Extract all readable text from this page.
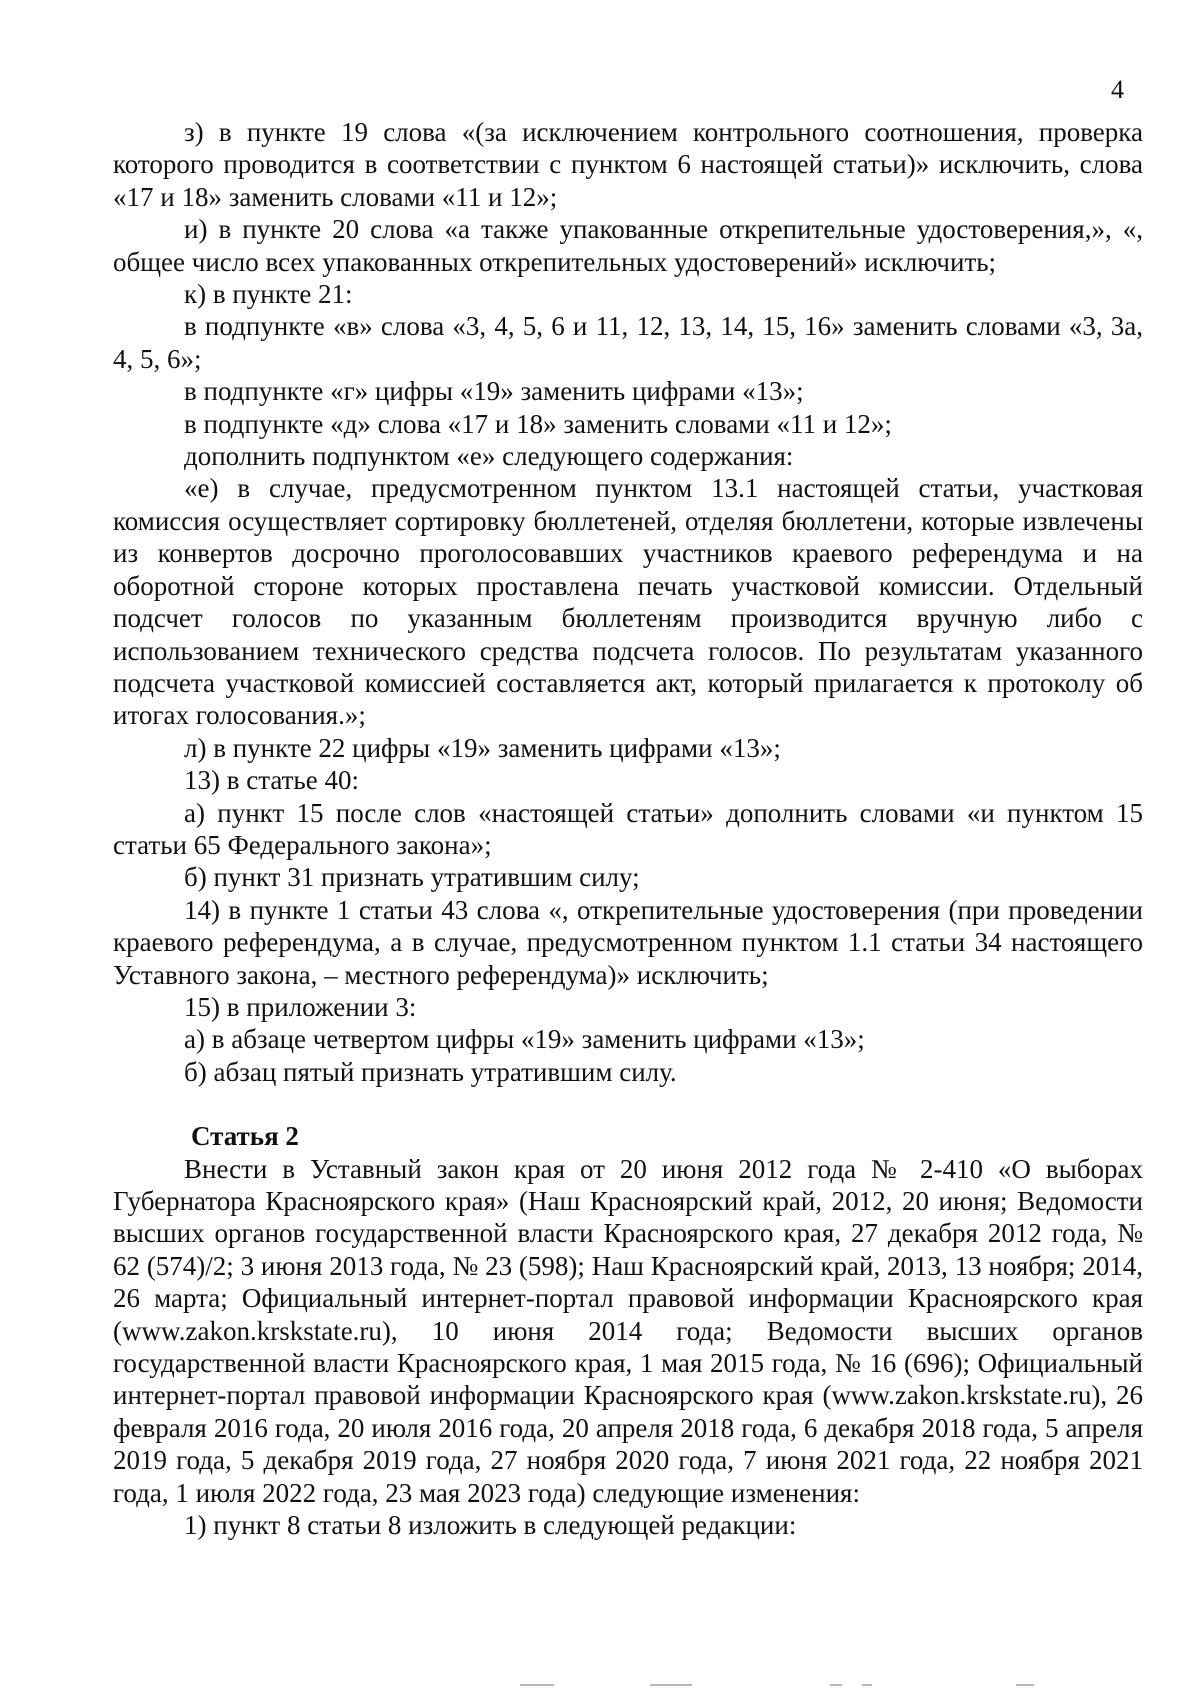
4

з) в пункте 19 слова «(за исключением контрольного соотношения, проверка которого проводится в соответствии с пунктом 6 настоящей статьи)» исключить, слова «17 и 18» заменить словами «11 и 12»;

и) в пункте 20 слова «а также упакованные открепительные удостоверения,», «, общее число всех упакованных открепительных удостоверений» исключить;

к) в пункте 21:

в подпункте «в» слова «3, 4, 5, 6 и 11, 12, 13, 14, 15, 16» заменить словами «3, 3а, 4, 5, 6»;

в подпункте «г» цифры «19» заменить цифрами «13»;

в подпункте «д» слова «17 и 18» заменить словами «11 и 12»;

дополнить подпунктом «е» следующего содержания:

«е) в случае, предусмотренном пунктом 13.1 настоящей статьи, участковая комиссия осуществляет сортировку бюллетеней, отделяя бюллетени, которые извлечены из конвертов досрочно проголосовавших участников краевого референдума и на оборотной стороне которых проставлена печать участковой комиссии. Отдельный подсчет голосов по указанным бюллетеням производится вручную либо с использованием технического средства подсчета голосов. По результатам указанного подсчета участковой комиссией составляется акт, который прилагается к протоколу об итогах голосования.»;

л) в пункте 22 цифры «19» заменить цифрами «13»;

13) в статье 40:

а) пункт 15 после слов «настоящей статьи» дополнить словами «и пунктом 15 статьи 65 Федерального закона»;

б) пункт 31 признать утратившим силу;

14) в пункте 1 статьи 43 слова «, открепительные удостоверения (при проведении краевого референдума, а в случае, предусмотренном пунктом 1.1 статьи 34 настоящего Уставного закона, – местного референдума)» исключить;

15) в приложении 3:

а) в абзаце четвертом цифры «19» заменить цифрами «13»;

б) абзац пятый признать утратившим силу.

Статья 2

Внести в Уставный закон края от 20 июня 2012 года № 2-410 «О выборах Губернатора Красноярского края» (Наш Красноярский край, 2012, 20 июня; Ведомости высших органов государственной власти Красноярского края, 27 декабря 2012 года, № 62 (574)/2; 3 июня 2013 года, № 23 (598); Наш Красноярский край, 2013, 13 ноября; 2014, 26 марта; Официальный интернет-портал правовой информации Красноярского края (www.zakon.krskstate.ru), 10 июня 2014 года; Ведомости высших органов государственной власти Красноярского края, 1 мая 2015 года, № 16 (696); Официальный интернет-портал правовой информации Красноярского края (www.zakon.krskstate.ru), 26 февраля 2016 года, 20 июля 2016 года, 20 апреля 2018 года, 6 декабря 2018 года, 5 апреля 2019 года, 5 декабря 2019 года, 27 ноября 2020 года, 7 июня 2021 года, 22 ноября 2021 года, 1 июля 2022 года, 23 мая 2023 года) следующие изменения:

1) пункт 8 статьи 8 изложить в следующей редакции:
